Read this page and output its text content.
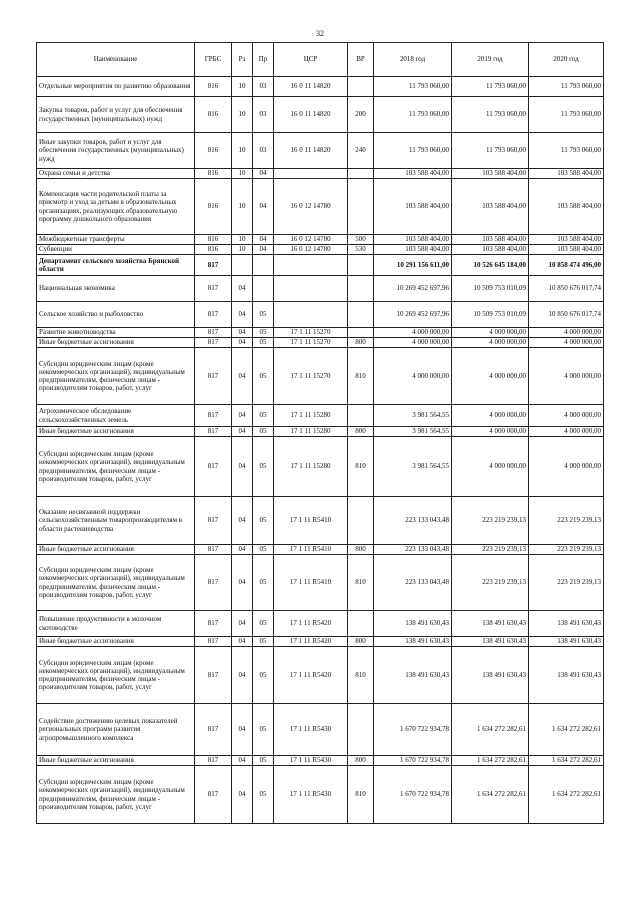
32
Наименование	ГРБС	Рз	Пр	ЦСР	ВР	2018 год	2019 год	2020 год
Отдельные мероприятия по развитию образования	816	10	03	16 0 11 14820		11 793 060,00	11 793 060,00	11 793 060,00
Закупка товаров, работ и услуг для обеспечения государственных (муниципальных) нужд	816	10	03	16 0 11 14820	200	11 793 060,00	11 793 060,00	11 793 060,00
Иные закупки товаров, работ и услуг для обеспечения государственных (муниципальных) нужд	816	10	03	16 0 11 14820	240	11 793 060,00	11 793 060,00	11 793 060,00
Охрана семьи и детства	816	10	04			103 588 404,00	103 588 404,00	103 588 404,00
Компенсация части родительской платы за присмотр и уход за детьми в образовательных организациях, реализующих образовательную программу дошкольного образования	816	10	04	16 0 12 14780		103 588 404,00	103 588 404,00	103 588 404,00
Межбюджетные трансферты	816	10	04	16 0 12 14780	500	103 588 404,00	103 588 404,00	103 588 404,00
Субвенции	816	10	04	16 0 12 14780	530	103 588 404,00	103 588 404,00	103 588 404,00
Департамент сельского хозяйства Брянской области	817					10 291 156 611,00	10 526 645 184,00	10 858 474 496,00
Национальная экономика	817	04				10 269 452 697,96	10 509 753 010,09	10 850 676 017,74
Сельское хозяйство и рыболовство	817	04	05			10 269 452 697,96	10 509 753 010,09	10 850 676 017,74
Развитие животноводства	817	04	05	17 1 11 15270		4 000 000,00	4 000 000,00	4 000 000,00
Иные бюджетные ассигнования	817	04	05	17 1 11 15270	800	4 000 000,00	4 000 000,00	4 000 000,00
Субсидии юридическим лицам (кроме некоммерческих организаций), индивидуальным предпринимателям, физическим лицам - производителям товаров, работ, услуг	817	04	05	17 1 11 15270	810	4 000 000,00	4 000 000,00	4 000 000,00
Агрохимическое обследование сельскохозяйственных земель	817	04	05	17 1 11 15280		3 981 564,55	4 000 000,00	4 000 000,00
Иные бюджетные ассигнования	817	04	05	17 1 11 15280	800	3 981 564,55	4 000 000,00	4 000 000,00
Субсидии юридическим лицам (кроме некоммерческих организаций), индивидуальным предпринимателям, физическим лицам - производителям товаров, работ, услуг	817	04	05	17 1 11 15280	810	3 981 564,55	4 000 000,00	4 000 000,00
Оказание несвязанной поддержки сельскохозяйственным товаропроизводителям в области растениеводства	817	04	05	17 1 11 R5410		223 133 043,48	223 219 239,13	223 219 239,13
Иные бюджетные ассигнования	817	04	05	17 1 11 R5410	800	223 133 043,48	223 219 239,13	223 219 239,13
Субсидии юридическим лицам (кроме некоммерческих организаций), индивидуальным предпринимателям, физическим лицам - производителям товаров, работ, услуг	817	04	05	17 1 11 R5410	810	223 133 043,48	223 219 239,13	223 219 239,13
Повышение продуктивности в молочном скотоводстве	817	04	05	17 1 11 R5420		138 491 630,43	138 491 630,43	138 491 630,43
Иные бюджетные ассигнования	817	04	05	17 1 11 R5420	800	138 491 630,43	138 491 630,43	138 491 630,43
Субсидии юридическим лицам (кроме некоммерческих организаций), индивидуальным предпринимателям, физическим лицам - производителям товаров, работ, услуг	817	04	05	17 1 11 R5420	810	138 491 630,43	138 491 630,43	138 491 630,43
Содействие достижению целевых показателей региональных программ развития агропромышленного комплекса	817	04	05	17 1 11 R5430		1 670 722 934,78	1 634 272 282,61	1 634 272 282,61
Иные бюджетные ассигнования	817	04	05	17 1 11 R5430	800	1 670 722 934,78	1 634 272 282,61	1 634 272 282,61
Субсидии юридическим лицам (кроме некоммерческих организаций), индивидуальным предпринимателям, физическим лицам - производителям товаров, работ, услуг	817	04	05	17 1 11 R5430	810	1 670 722 934,78	1 634 272 282,61	1 634 272 282,61
